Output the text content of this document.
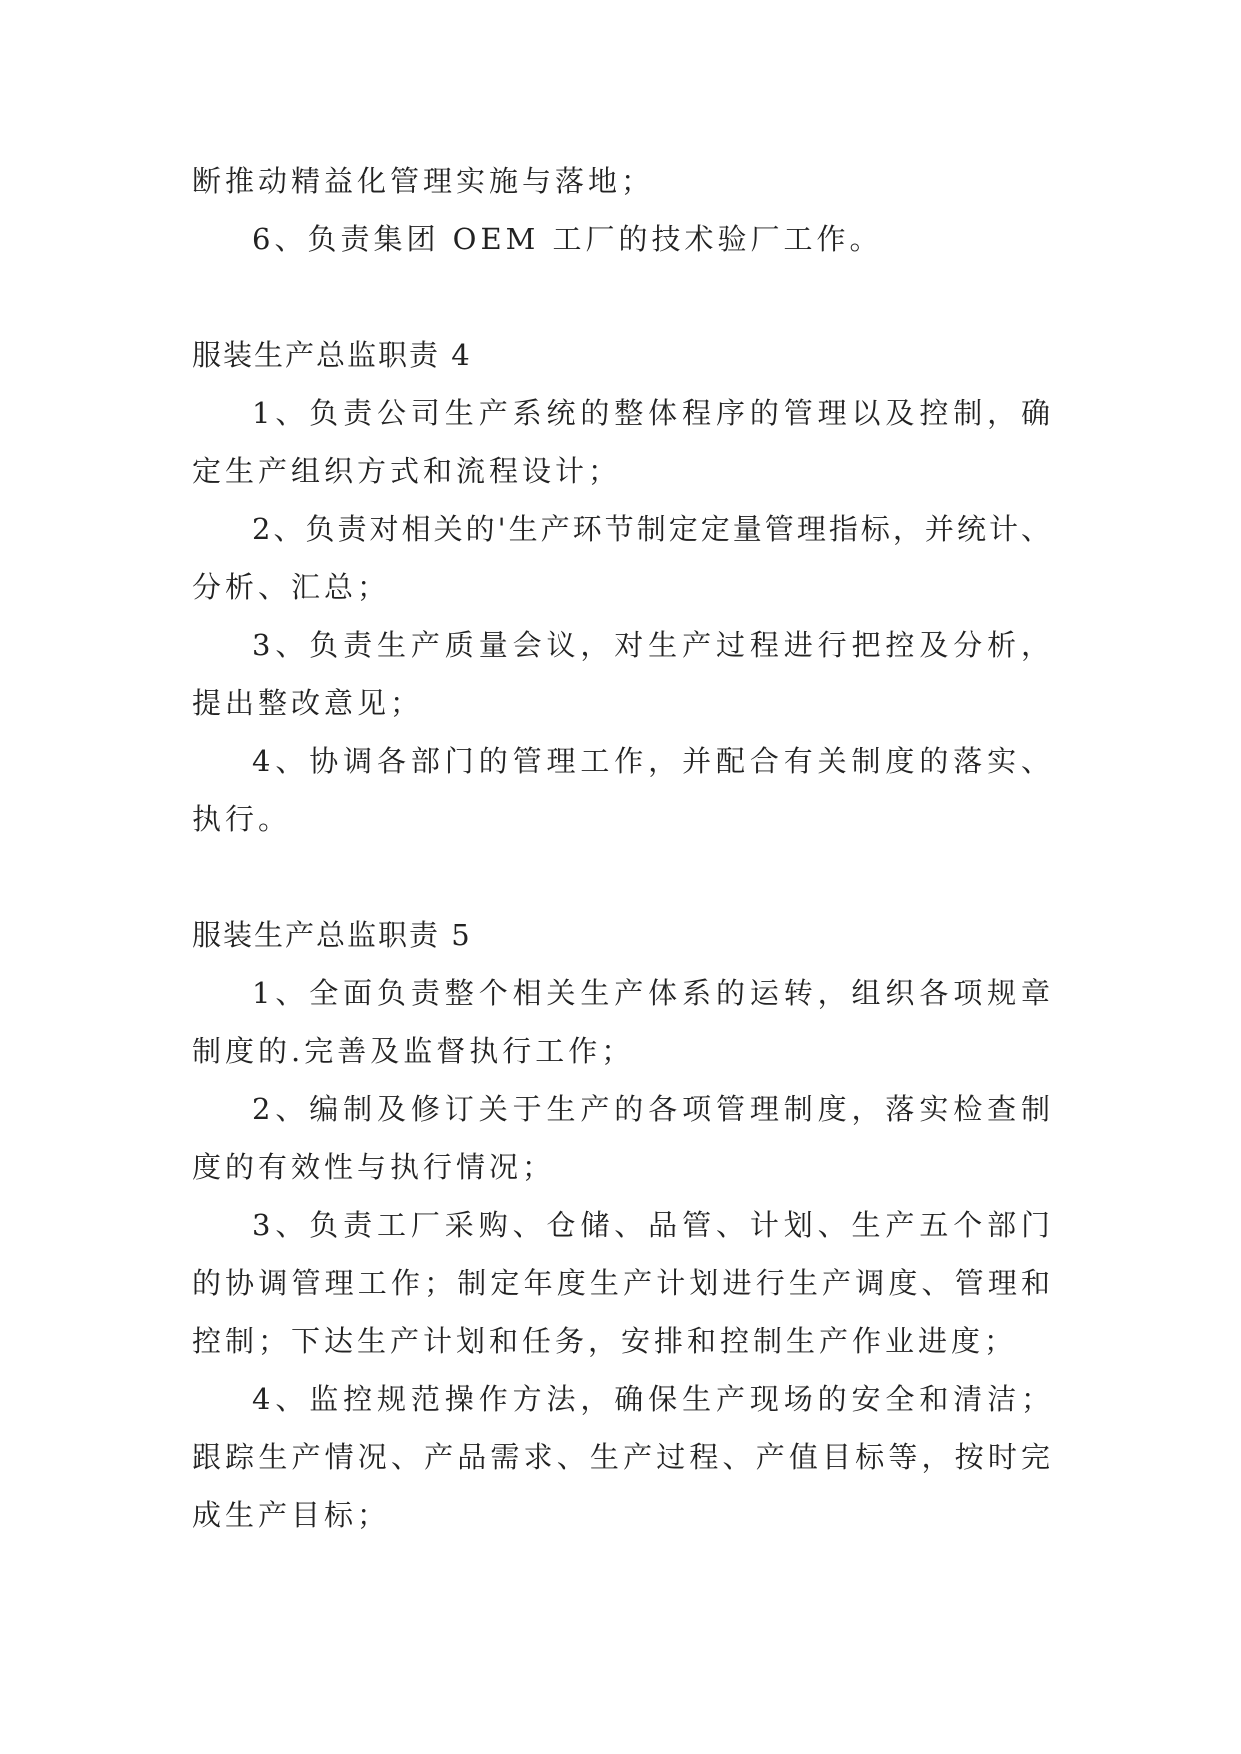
断推动精益化管理实施与落地；
6、负责集团 OEM 工厂的技术验厂工作。
服装生产总监职责 4
1、负责公司生产系统的整体程序的管理以及控制，确
定生产组织方式和流程设计；
2、负责对相关的'生产环节制定定量管理指标，并统计、
分析、汇总；
3、负责生产质量会议，对生产过程进行把控及分析，
提出整改意见；
4、协调各部门的管理工作，并配合有关制度的落实、
执行。
服装生产总监职责 5
1、全面负责整个相关生产体系的运转，组织各项规章
制度的.完善及监督执行工作；
2、编制及修订关于生产的各项管理制度，落实检查制
度的有效性与执行情况；
3、负责工厂采购、仓储、品管、计划、生产五个部门
的协调管理工作；制定年度生产计划进行生产调度、管理和
控制；下达生产计划和任务，安排和控制生产作业进度；
4、监控规范操作方法，确保生产现场的安全和清洁；
跟踪生产情况、产品需求、生产过程、产值目标等，按时完
成生产目标；
